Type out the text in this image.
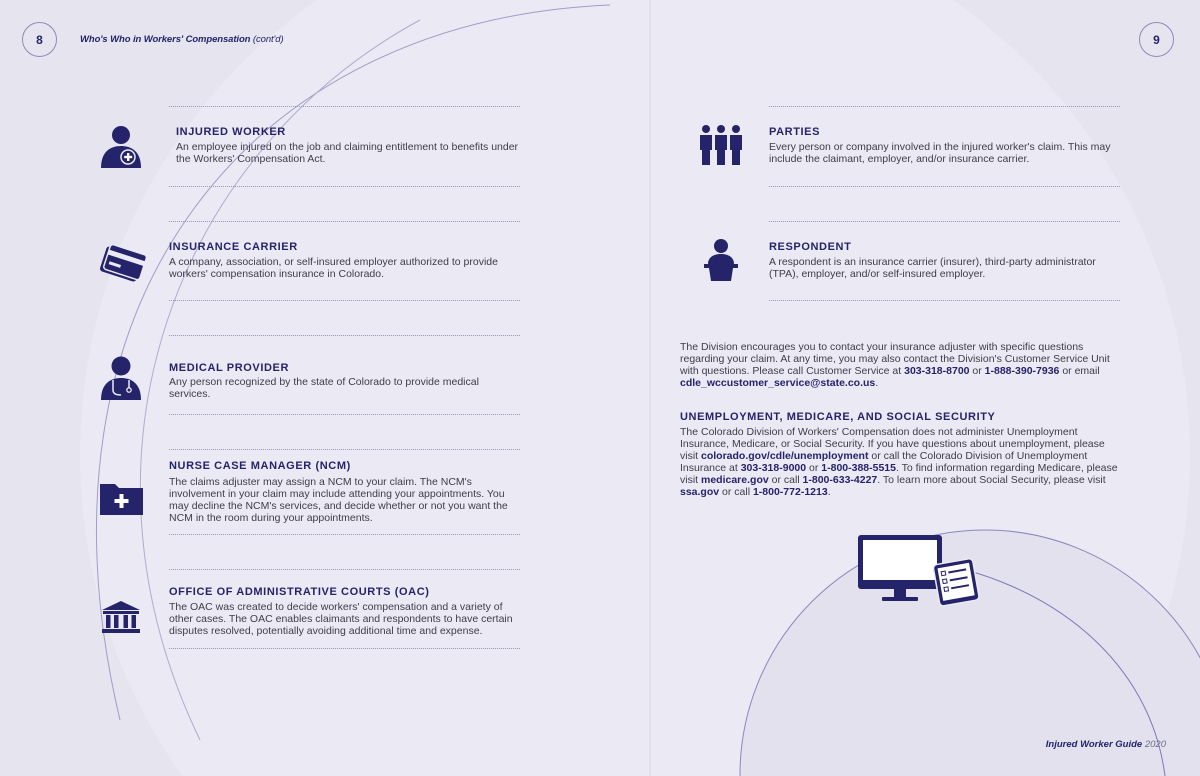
8	Who's Who in Workers' Compensation (cont'd)	9
INJURED WORKER
An employee injured on the job and claiming entitlement to benefits under the Workers' Compensation Act.
INSURANCE CARRIER
A company, association, or self-insured employer authorized to provide workers' compensation insurance in Colorado.
MEDICAL PROVIDER
Any person recognized by the state of Colorado to provide medical services.
NURSE CASE MANAGER (NCM)
The claims adjuster may assign a NCM to your claim. The NCM's involvement in your claim may include attending your appointments. You may decline the NCM's services, and decide whether or not you want the NCM in the room during your appointments.
OFFICE OF ADMINISTRATIVE COURTS (OAC)
The OAC was created to decide workers' compensation and a variety of other cases. The OAC enables claimants and respondents to have certain disputes resolved, potentially avoiding additional time and expense.
PARTIES
Every person or company involved in the injured worker's claim. This may include the claimant, employer, and/or insurance carrier.
RESPONDENT
A respondent is an insurance carrier (insurer), third-party administrator (TPA), employer, and/or self-insured employer.
The Division encourages you to contact your insurance adjuster with specific questions regarding your claim. At any time, you may also contact the Division's Customer Service Unit with questions. Please call Customer Service at 303-318-8700 or 1-888-390-7936 or email cdle_wccustomer_service@state.co.us.
UNEMPLOYMENT, MEDICARE, AND SOCIAL SECURITY
The Colorado Division of Workers' Compensation does not administer Unemployment Insurance, Medicare, or Social Security. If you have questions about unemployment, please visit colorado.gov/cdle/unemployment or call the Colorado Division of Unemployment Insurance at 303-318-9000 or 1-800-388-5515. To find information regarding Medicare, please visit medicare.gov or call 1-800-633-4227. To learn more about Social Security, please visit ssa.gov or call 1-800-772-1213.
Injured Worker Guide 2020
